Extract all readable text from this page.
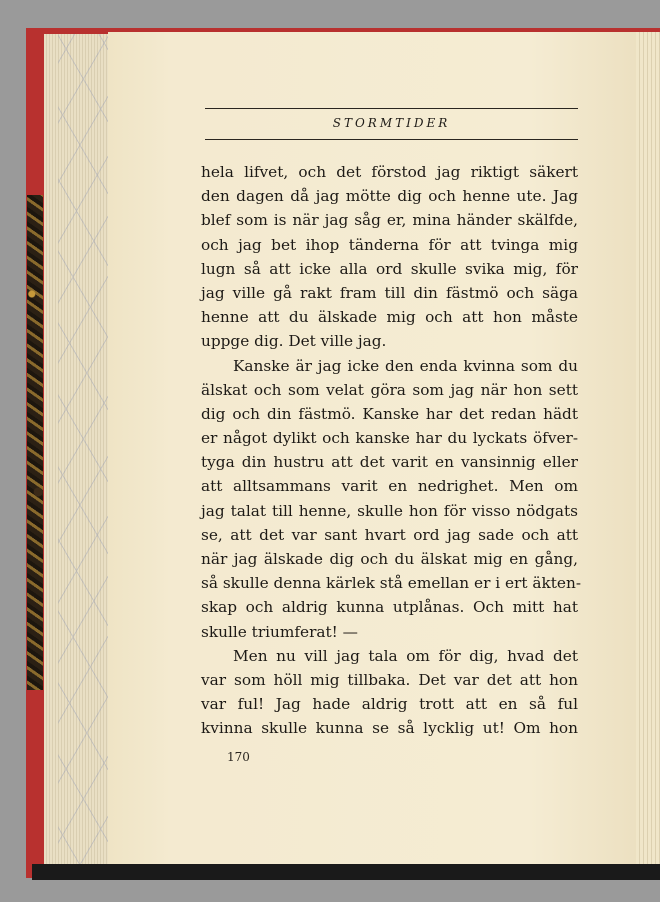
STORMTIDER
hela lifvet, och det förstod jag riktigt säkert
den dagen då jag mötte dig och henne ute. Jag
blef som is när jag såg er, mina händer skälfde,
och jag bet ihop tänderna för att tvinga mig
lugn så att icke alla ord skulle svika mig, för
jag ville gå rakt fram till din fästmö och säga
henne att du älskade mig och att hon måste
uppge dig. Det ville jag.
Kanske är jag icke den enda kvinna som du
älskat och som velat göra som jag när hon sett
dig och din fästmö. Kanske har det redan hädt
er något dylikt och kanske har du lyckats öfver-
tyga din hustru att det varit en vansinnig eller
att alltsammans varit en nedrighet. Men om
jag talat till henne, skulle hon för visso nödgats
se, att det var sant hvart ord jag sade och att
när jag älskade dig och du älskat mig en gång,
så skulle denna kärlek stå emellan er i ert äkten-
skap och aldrig kunna utplånas. Och mitt hat
skulle triumferat! —
Men nu vill jag tala om för dig, hvad det
var som höll mig tillbaka. Det var det att hon
var ful! Jag hade aldrig trott att en så ful
kvinna skulle kunna se så lycklig ut! Om hon
170
